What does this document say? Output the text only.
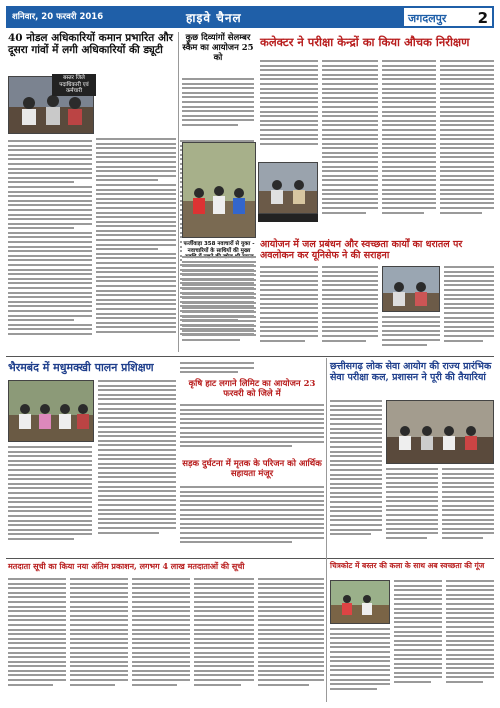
शनिवार, 20 फरवरी 2016	हाइवे चैनल	जगदलपुर 2
40 नोडल अधिकारियों कमान प्रभारित और दूसरा गांवों में लगी अधिकारियों की ड्यूटी
बस्तर जिले पदाधिकारी एवं कर्मचारी
कुछ दिव्यांगों सेलम्बर स्कैम का आयोजन 25 को
कलेक्टर ने परीक्षा केन्द्रों का किया औचक निरीक्षण
आयोजन में जल प्रबंधन और स्वच्छता कार्यों का धरातल पर अवलोकन कर यूनिसेफ ने की सराहना
फर्जीवाड़ा 358 नवाचारों से युक्त - नवाचारियों के साथियों की मुख्य
भैरमबंद में मधुमक्खी पालन प्रशिक्षण
कृषि हाट लगाने लिमिट का आयोजन 23 फरवरी को जिले में
सड़क दुर्घटना में मृतक के परिजन को आर्थिक सहायता मंजूर
छत्तीसगढ़ लोक सेवा आयोग की राज्य प्रारंभिक सेवा परीक्षा कल, प्रशासन ने पूरी की तैयारियां
मतदाता सूची का किया नया अंतिम प्रकाशन, लगभग 4 लाख मतदाताओं की सूची	चित्रकोट में बस्तर की कला के साथ अब स्वच्छता की गूंज
